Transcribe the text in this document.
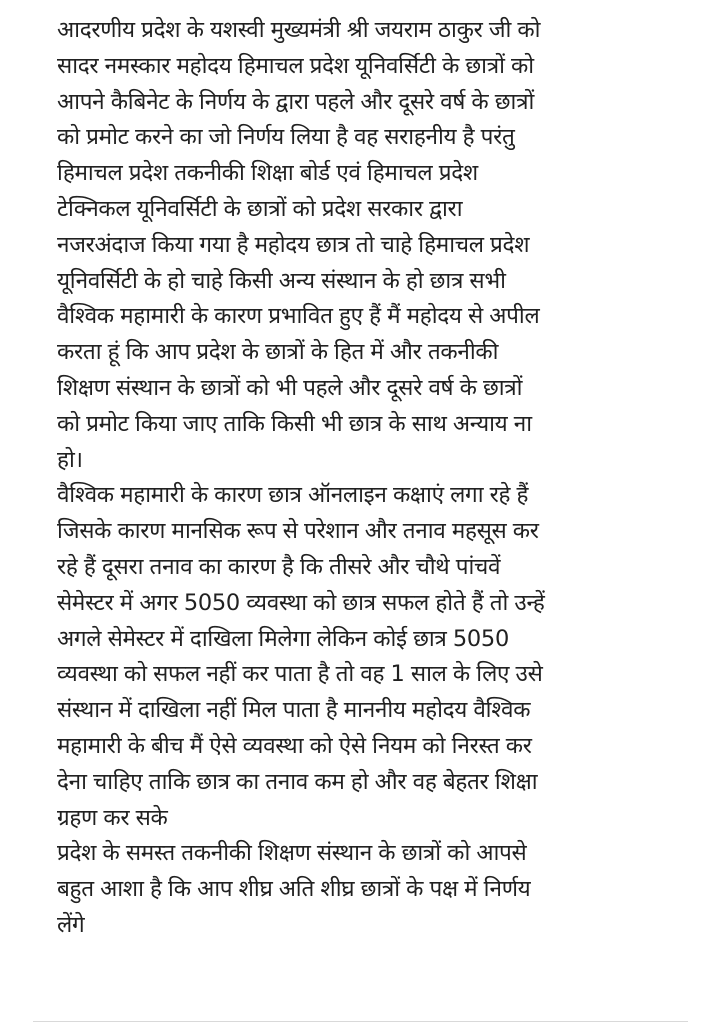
आदरणीय प्रदेश के यशस्वी मुख्यमंत्री श्री जयराम ठाकुर जी को
सादर नमस्कार महोदय हिमाचल प्रदेश यूनिवर्सिटी के छात्रों को
आपने कैबिनेट के निर्णय के द्वारा पहले और दूसरे वर्ष के छात्रों
को प्रमोट करने का जो निर्णय लिया है वह सराहनीय है परंतु
हिमाचल प्रदेश तकनीकी शिक्षा बोर्ड एवं हिमाचल प्रदेश
टेक्निकल यूनिवर्सिटी के छात्रों को प्रदेश सरकार द्वारा
नजरअंदाज किया गया है महोदय छात्र तो चाहे हिमाचल प्रदेश
यूनिवर्सिटी के हो चाहे किसी अन्य संस्थान के हो छात्र सभी
वैश्विक महामारी के कारण प्रभावित हुए हैं मैं महोदय से अपील
करता हूं कि आप प्रदेश के छात्रों के हित में और तकनीकी
शिक्षण संस्थान के छात्रों को भी पहले और दूसरे वर्ष के छात्रों
को प्रमोट किया जाए ताकि किसी भी छात्र के साथ अन्याय ना
हो।
वैश्विक महामारी के कारण छात्र ऑनलाइन कक्षाएं लगा रहे हैं
जिसके कारण मानसिक रूप से परेशान और तनाव महसूस कर
रहे हैं दूसरा तनाव का कारण है कि तीसरे और चौथे पांचवें
सेमेस्टर में अगर 5050 व्यवस्था को छात्र सफल होते हैं तो उन्हें
अगले सेमेस्टर में दाखिला मिलेगा लेकिन कोई छात्र 5050
व्यवस्था को सफल नहीं कर पाता है तो वह 1 साल के लिए उसे
संस्थान में दाखिला नहीं मिल पाता है माननीय महोदय वैश्विक
महामारी के बीच मैं ऐसे व्यवस्था को ऐसे नियम को निरस्त कर
देना चाहिए ताकि छात्र का तनाव कम हो और वह बेहतर शिक्षा
ग्रहण कर सके
प्रदेश के समस्त तकनीकी शिक्षण संस्थान के छात्रों को आपसे
बहुत आशा है कि आप शीघ्र अति शीघ्र छात्रों के पक्ष में निर्णय
लेंगे
